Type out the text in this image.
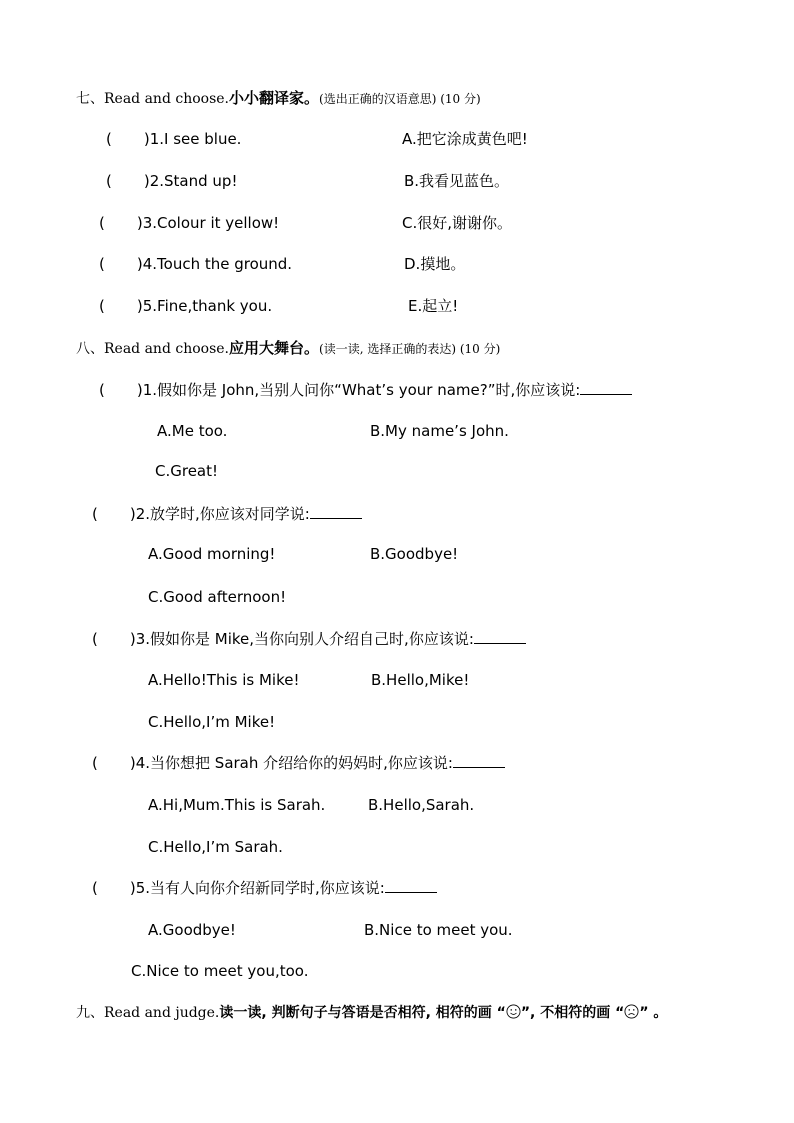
七、Read and choose.小小翻译家。(选出正确的汉语意思) (10 分)
( )1.I see blue.	A.把它涂成黄色吧!
( )2.Stand up!	B.我看见蓝色。
( )3.Colour it yellow!	C.很好,谢谢你。
( )4.Touch the ground.	D.摸地。
( )5.Fine,thank you.	E.起立!
八、Read and choose.应用大舞台。(读一读, 选择正确的表达) (10 分)
( )1.假如你是 John,当别人问你“What’s your name?”时,你应该说:
A.Me too.	B.My name’s John.
C.Great!
( )2.放学时,你应该对同学说:
A.Good morning!	B.Goodbye!
C.Good afternoon!
( )3.假如你是 Mike,当你向别人介绍自己时,你应该说:
A.Hello!This is Mike!	B.Hello,Mike!
C.Hello,I’m Mike!
( )4.当你想把 Sarah 介绍给你的妈妈时,你应该说:
A.Hi,Mum.This is Sarah.	B.Hello,Sarah.
C.Hello,I’m Sarah.
( )5.当有人向你介绍新同学时,你应该说:
A.Goodbye!	B.Nice to meet you.
C.Nice to meet you,too.
九、Read and judge.读一读, 判断句子与答语是否相符, 相符的画 “ ”, 不相符的画 “ ” 。
